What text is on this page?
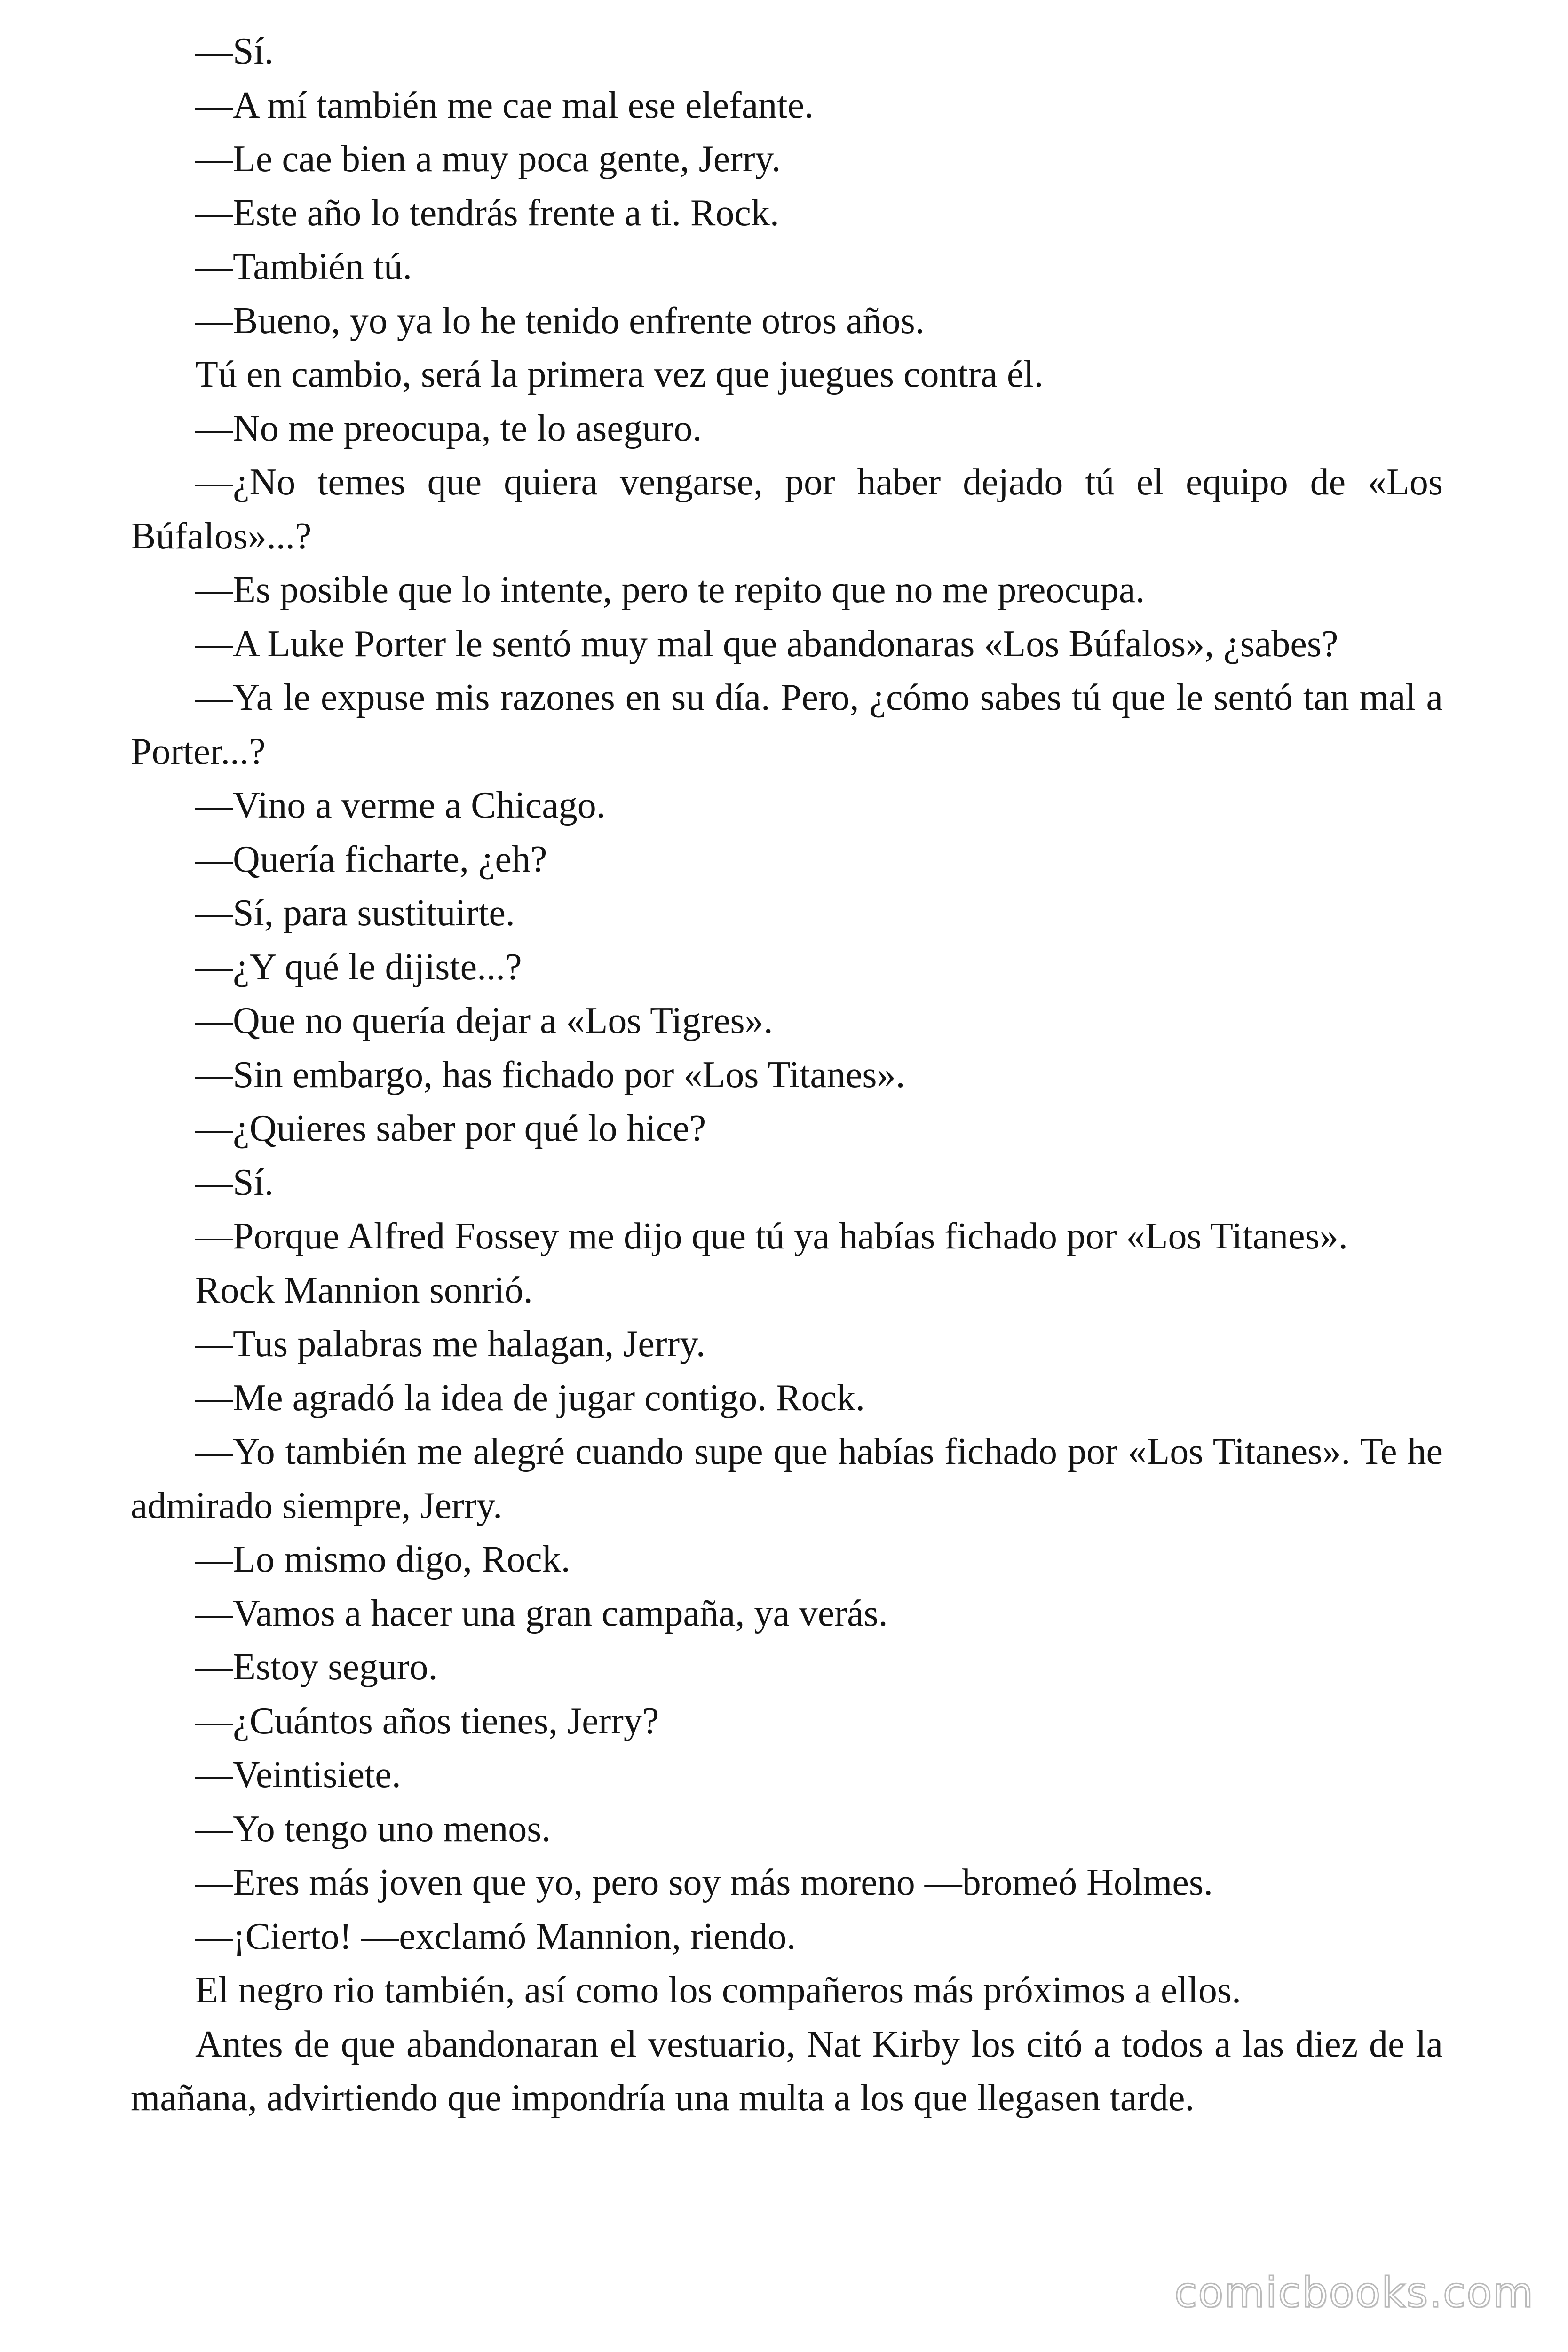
—Sí.

—A mí también me cae mal ese elefante.

—Le cae bien a muy poca gente, Jerry.

—Este año lo tendrás frente a ti. Rock.

—También tú.

—Bueno, yo ya lo he tenido enfrente otros años.

Tú en cambio, será la primera vez que juegues contra él.

—No me preocupa, te lo aseguro.

—¿No temes que quiera vengarse, por haber dejado tú el equipo de «Los Búfalos»...?

—Es posible que lo intente, pero te repito que no me preocupa.

—A Luke Porter le sentó muy mal que abandonaras «Los Búfalos», ¿sabes?

—Ya le expuse mis razones en su día. Pero, ¿cómo sabes tú que le sentó tan mal a Porter...?

—Vino a verme a Chicago.

—Quería ficharte, ¿eh?

—Sí, para sustituirte.

—¿Y qué le dijiste...?

—Que no quería dejar a «Los Tigres».

—Sin embargo, has fichado por «Los Titanes».

—¿Quieres saber por qué lo hice?

—Sí.

—Porque Alfred Fossey me dijo que tú ya habías fichado por «Los Titanes».

Rock Mannion sonrió.

—Tus palabras me halagan, Jerry.

—Me agradó la idea de jugar contigo. Rock.

—Yo también me alegré cuando supe que habías fichado por «Los Titanes». Te he admirado siempre, Jerry.

—Lo mismo digo, Rock.

—Vamos a hacer una gran campaña, ya verás.

—Estoy seguro.

—¿Cuántos años tienes, Jerry?

—Veintisiete.

—Yo tengo uno menos.

—Eres más joven que yo, pero soy más moreno —bromeó Holmes.

—¡Cierto! —exclamó Mannion, riendo.

El negro rio también, así como los compañeros más próximos a ellos.

Antes de que abandonaran el vestuario, Nat Kirby los citó a todos a las diez de la mañana, advirtiendo que impondría una multa a los que llegasen tarde.

comicbooks.com
